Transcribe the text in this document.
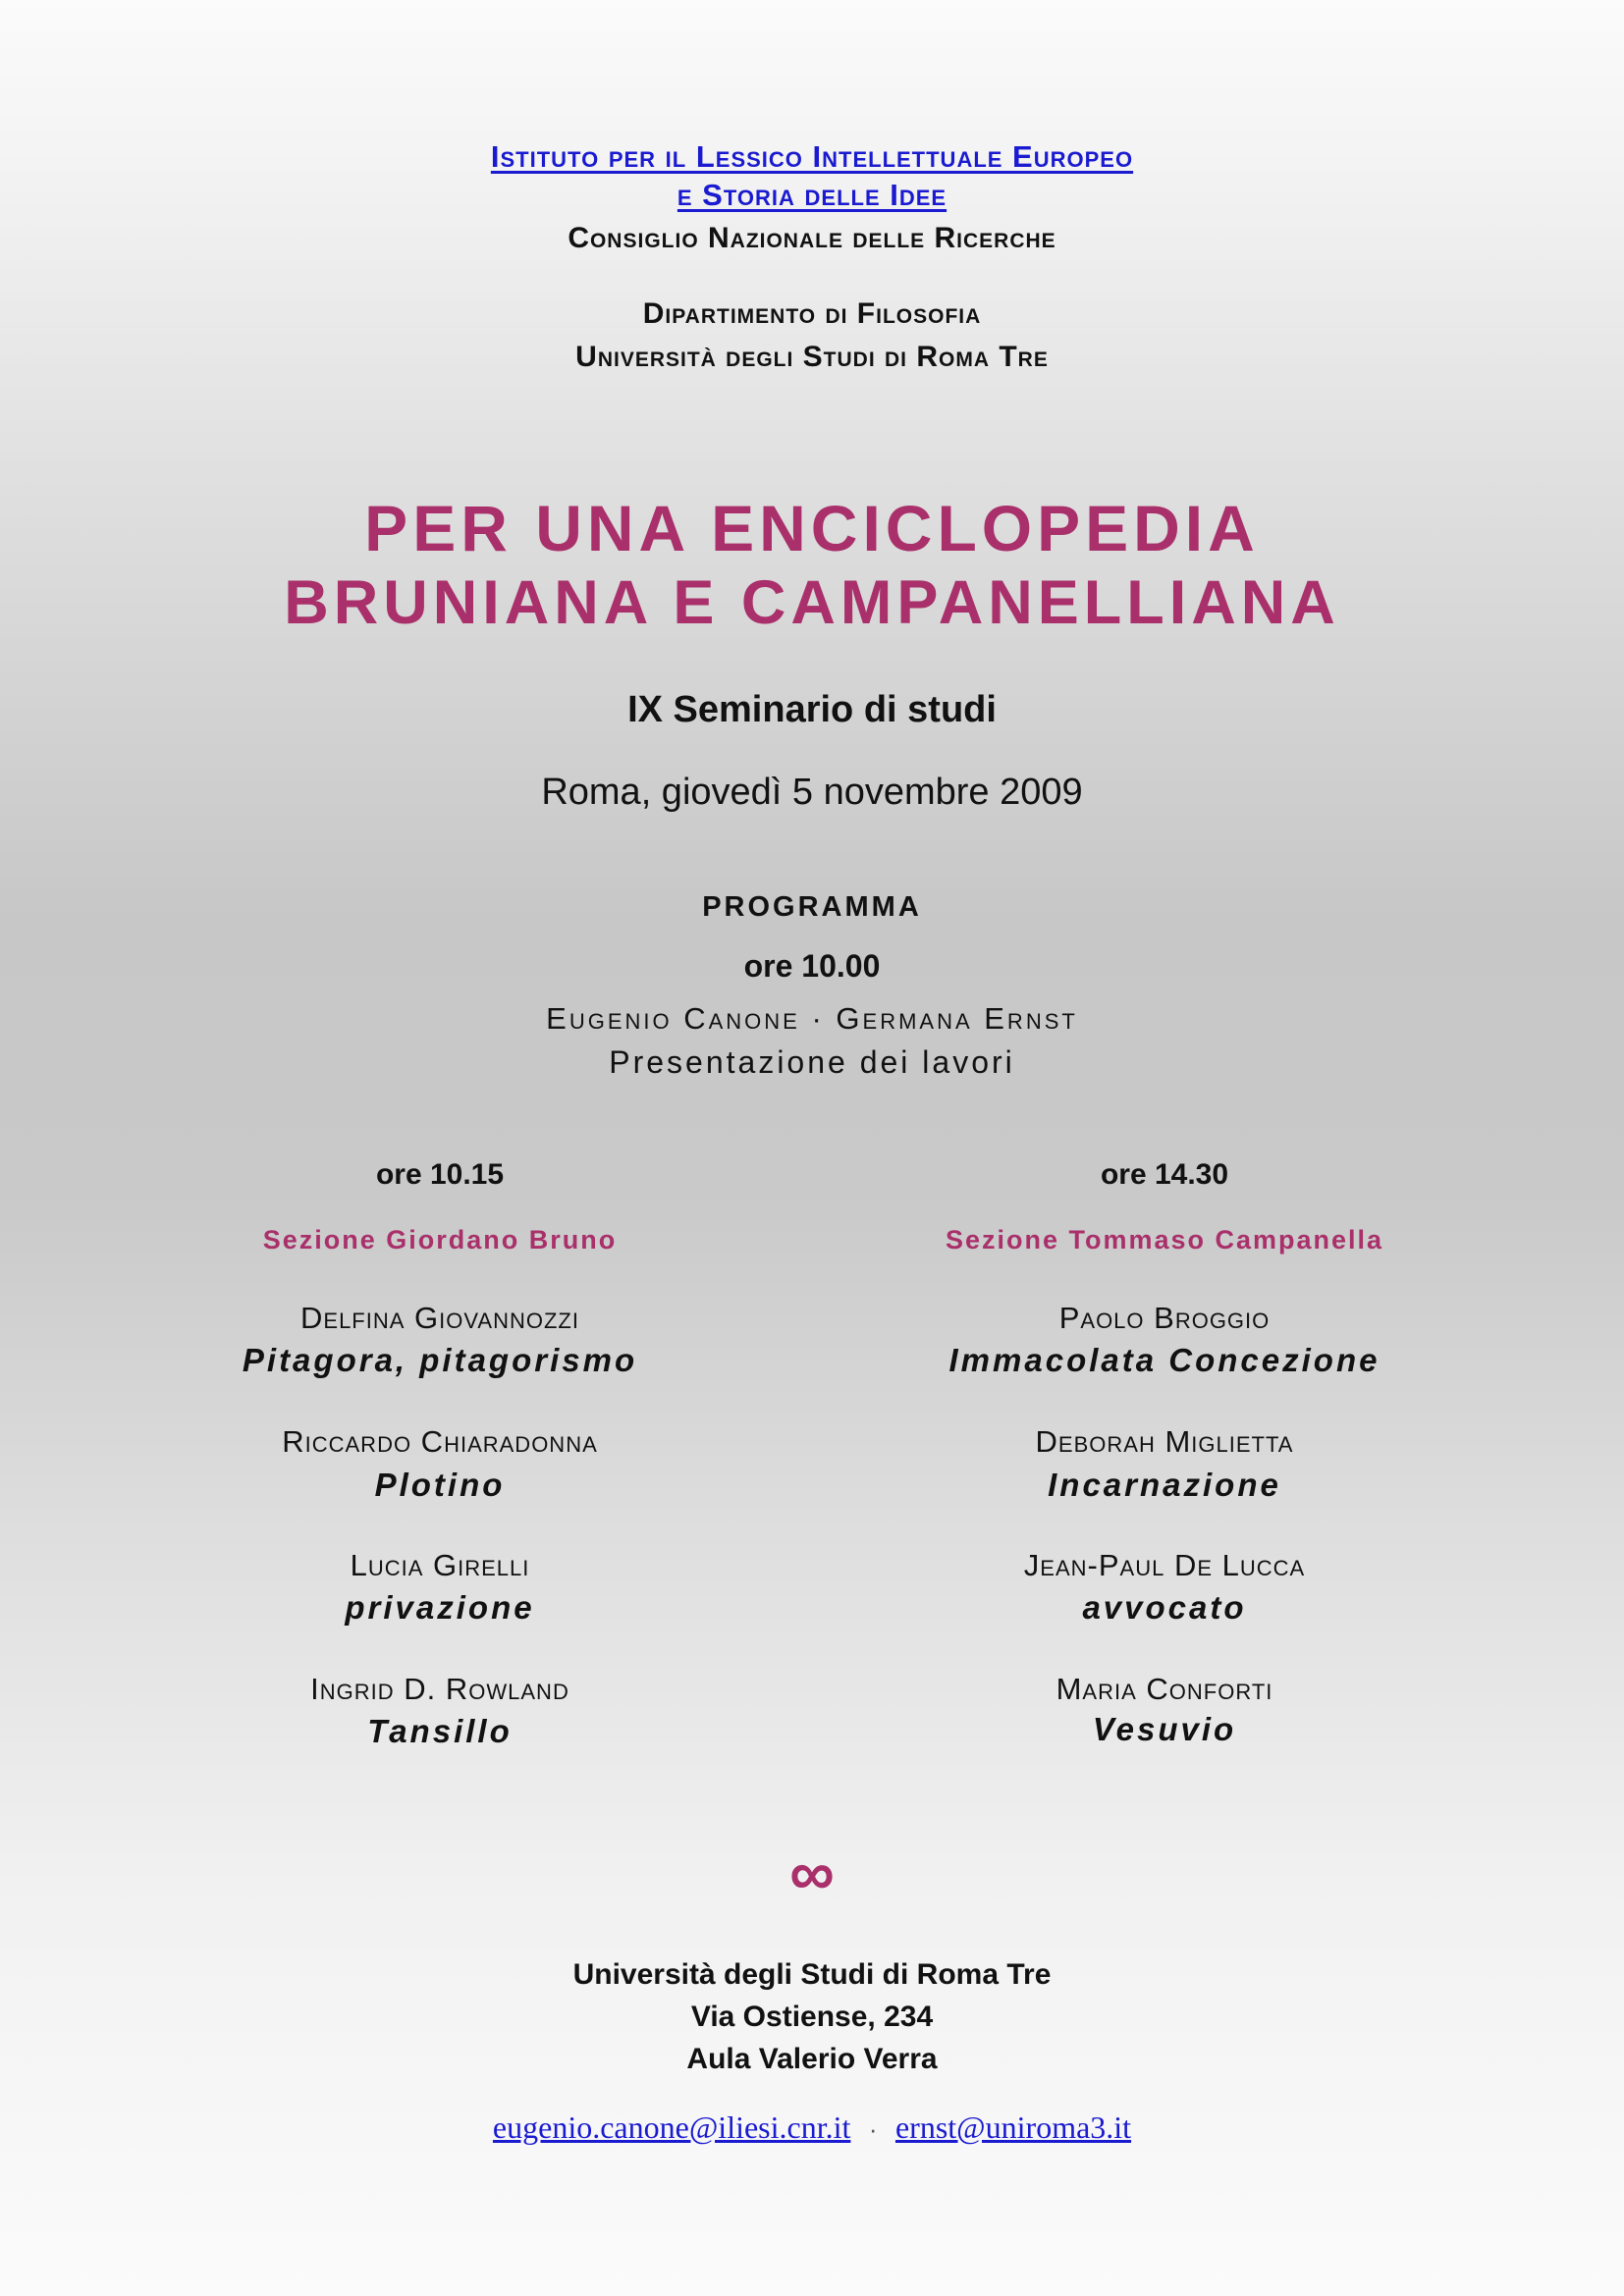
Istituto per il Lessico Intellettuale Europeo
e Storia delle Idee
Consiglio Nazionale delle Ricerche
Dipartimento di Filosofia
Università degli Studi di Roma Tre
PER UNA ENCICLOPEDIA
BRUNIANA E CAMPANELLIANA
IX Seminario di studi
Roma, giovedì 5 novembre 2009
PROGRAMMA
ore 10.00
Eugenio Canone · Germana Ernst
Presentazione dei lavori
ore 10.15
Sezione Giordano Bruno
Delfina Giovannozzi
Pitagora, pitagorismo
Riccardo Chiaradonna
Plotino
Lucia Girelli
privazione
Ingrid D. Rowland
Tansillo
ore 14.30
Sezione Tommaso Campanella
Paolo Broggio
Immacolata Concezione
Deborah Miglietta
Incarnazione
Jean-Paul De Lucca
avvocato
Maria Conforti
Vesuvio
∞
Università degli Studi di Roma Tre
Via Ostiense, 234
Aula Valerio Verra
eugenio.canone@iliesi.cnr.it · ernst@uniroma3.it
